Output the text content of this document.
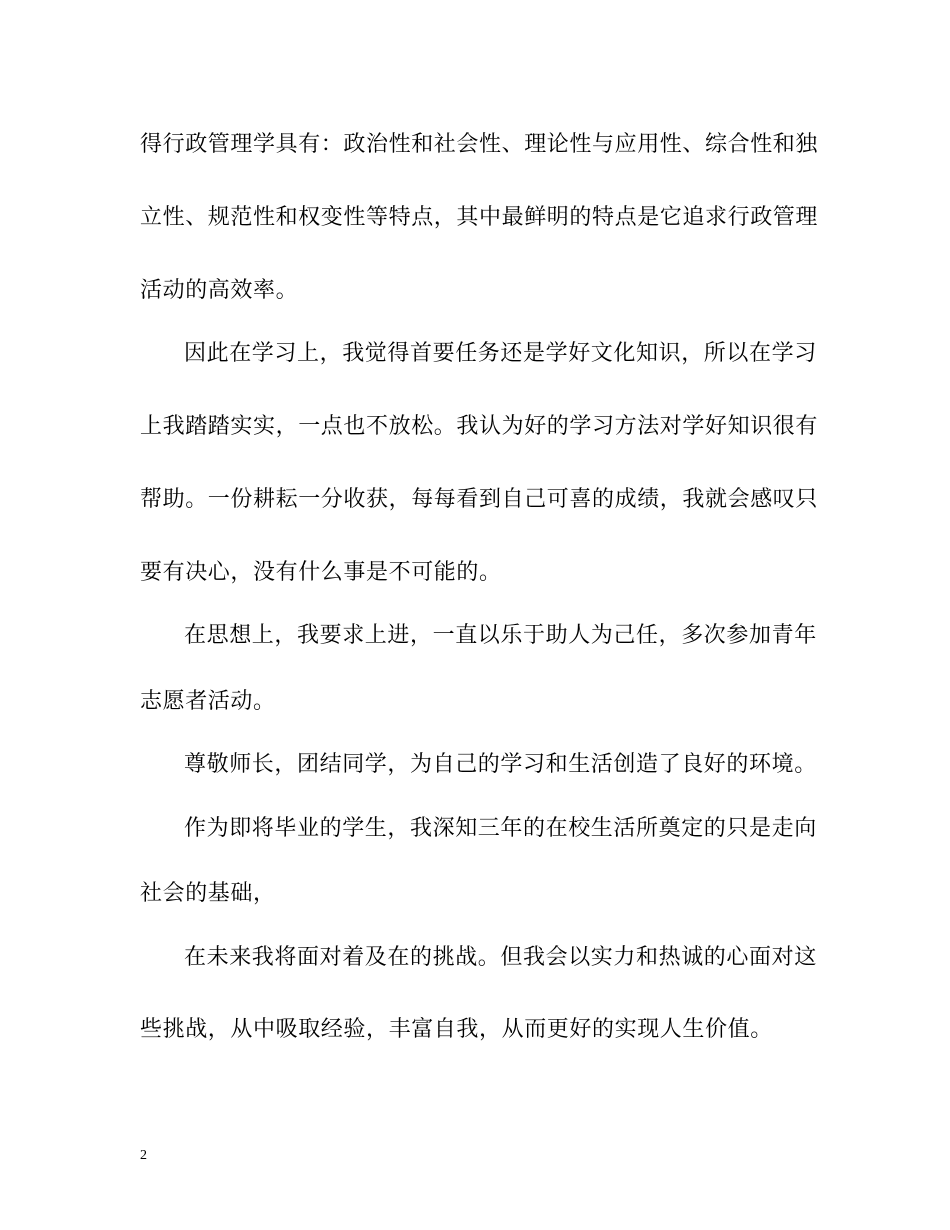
得行政管理学具有：政治性和社会性、理论性与应用性、综合性和独
立性、规范性和权变性等特点，其中最鲜明的特点是它追求行政管理
活动的高效率。
因此在学习上，我觉得首要任务还是学好文化知识，所以在学习
上我踏踏实实，一点也不放松。我认为好的学习方法对学好知识很有
帮助。一份耕耘一分收获，每每看到自己可喜的成绩，我就会感叹只
要有决心，没有什么事是不可能的。
在思想上，我要求上进，一直以乐于助人为己任，多次参加青年
志愿者活动。
尊敬师长，团结同学，为自己的学习和生活创造了良好的环境。
作为即将毕业的学生，我深知三年的在校生活所奠定的只是走向
社会的基础，
在未来我将面对着及在的挑战。但我会以实力和热诚的心面对这
些挑战，从中吸取经验，丰富自我，从而更好的实现人生价值。
2
